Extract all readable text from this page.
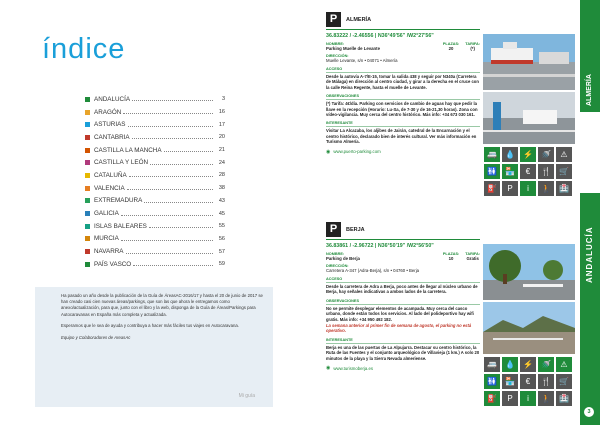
índice
ANDALUCÍA	3
ARAGÓN	16
ASTURIAS	17
CANTABRIA	20
CASTILLA LA MANCHA	21
CASTILLA Y LEÓN	24
CATALUÑA	28
VALENCIA	38
EXTREMADURA	43
GALICIA	45
ISLAS BALEARES	55
MURCIA	56
NAVARRA	57
PAÍS VASCO	59

Ha pasado un año desde la publicación de la Guía de ÁreasAC-2016/17 y hasta el 20 de junio de 2017 se han creado casi cien nuevas áreas/parkings, que son las que ahora le entregamos como anexo/actualización, para que, junto con el libro y la web, disponga de la Guía de Áreas/Parkings para Autocaravanas en España más completa y actualizada.

Esperamos que le sea de ayuda y contribuya a hacer más fáciles tus viajes en Autocaravana.

Equipo y Colaboradores de AreasAc

Mi guía
P	ALMERÍA
36.83222 / -2.46556 | N36°49'56" /W2°27'56"
NOMBRE:
Parking Muelle de Levante
PLAZAS:
20
TARIFA:
(*)
DIRECCIÓN:
Muelle Levante, s/n • 04071 • Almería
ACCESO
Desde la autovía A-7/E-15, tomar la salida 438 y seguir por N340a (Carretera de Málaga) en dirección al centro ciudad, y girar a la derecha en el cruce con la calle Reina Regente, hasta el muelle de Levante.
OBSERVACIONES
(*) Tarifa: 4€/día. Parking con servicios de cambio de aguas hay que pedir la llave en la recepción (Horario: Lu-Sa, de 7-30 y de 16-21,30 horas). Zona con vídeo-vigilancia. Muy cerca del centro histórico. Más info: +34 673 030 161.
INTERESANTE
Visitar La Alcazaba, los aljibes de Jairán, catedral de la Encarnación y el centro histórico, declarado bien de interés cultural. Ver más información en Turismo Almería.
◉ www.puerto-parking.com	🚐	💧	⚡	🚿	⚠
🚻	🏪	€	🍴	🛒
⛽	P	i	🚶	🏥
P	BERJA
36.83861 / -2.96722 | N36°50'19" /W2°56'50"
NOMBRE:
Parking de Berja
PLAZAS:
10
TARIFA:
Gratis
DIRECCIÓN:
Carretera A-347 (Adra-Berja), s/n • 04760 • Berja
ACCESO
Desde la carretera de Adra a Berja, poco antes de llegar al núcleo urbano de Berja, hay señales indicativas a ambos lados de la carretera.
OBSERVACIONES
No se permite desplegar elementos de acampada. Muy cerca del casco urbano, donde están todos los servicios. Al lado del polideportivo hay wifi gratis. Más info: +34 950 492 182.
La semana anterior al primer fin de semana de agosto, el parking no está operativo.
INTERESANTE
Berja es una de las puertas de La Alpujarra. Destacar su centro histórico, la Ruta de las Fuentes y el conjunto arqueológico de Villavieja (1 km.) A solo 20 minutos de la playa y la Sierra Nevada almeriense.
◉ www.turismoberja.es	🚐	💧	⚡	🚿	⚠
🚻	🏪	€	🍴	🛒
⛽	P	i	🚶	🏥
ALMERÍA
ANDALUCÍA
3
